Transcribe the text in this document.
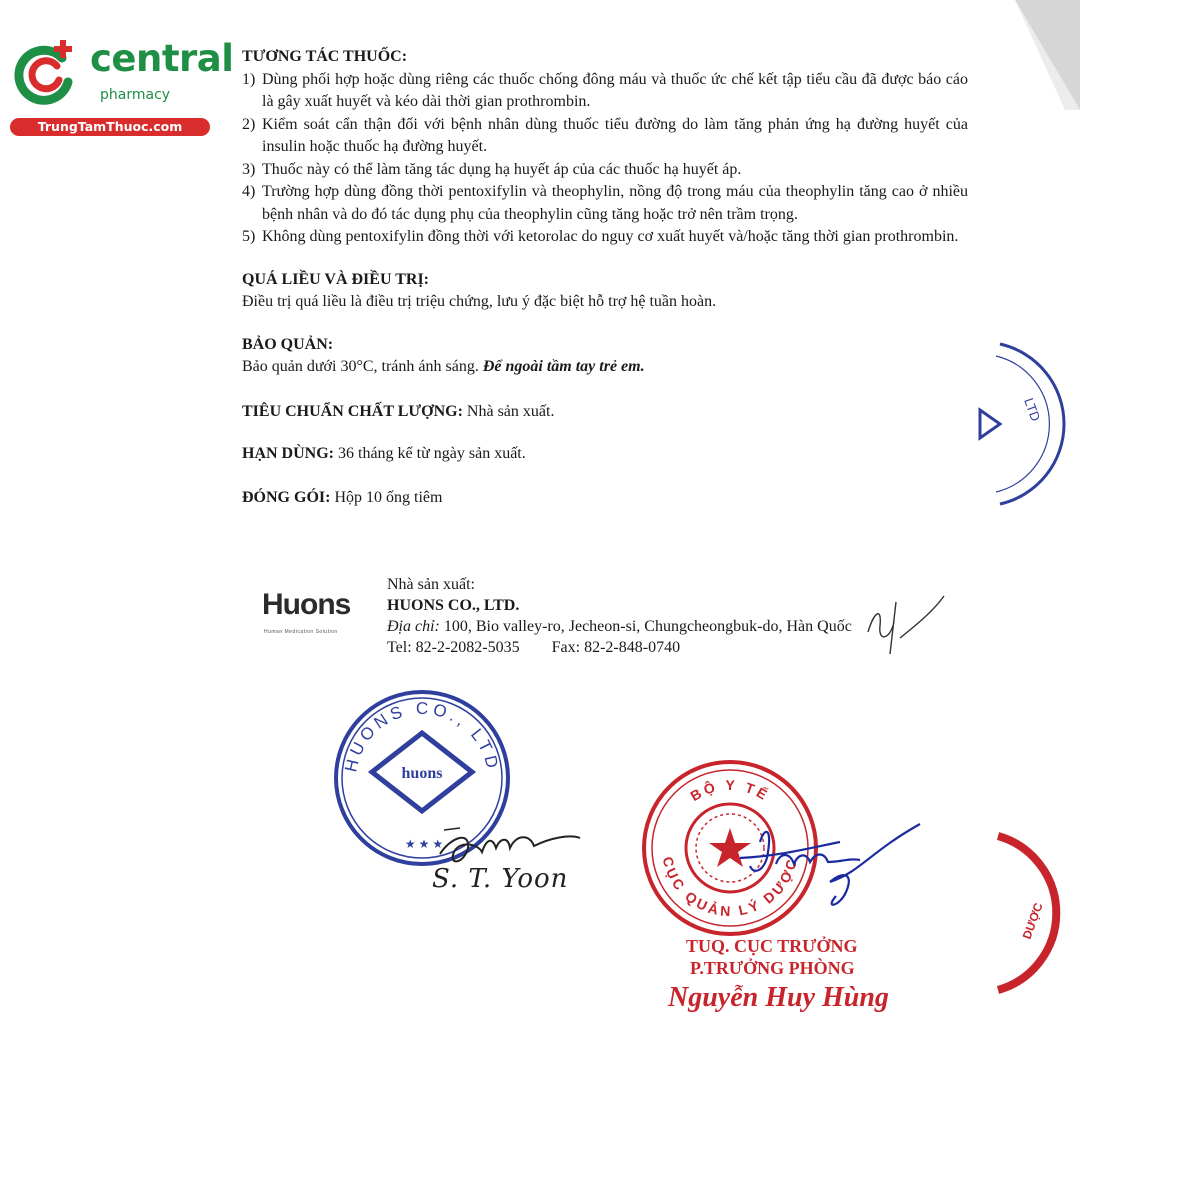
central
pharmacy
TrungTamThuoc.com
TƯƠNG TÁC THUỐC:
1) Dùng phối hợp hoặc dùng riêng các thuốc chống đông máu và thuốc ức chế kết tập tiểu cầu đã được báo cáo là gây xuất huyết và kéo dài thời gian prothrombin.
2) Kiểm soát cẩn thận đối với bệnh nhân dùng thuốc tiểu đường do làm tăng phản ứng hạ đường huyết của insulin hoặc thuốc hạ đường huyết.
3) Thuốc này có thể làm tăng tác dụng hạ huyết áp của các thuốc hạ huyết áp.
4) Trường hợp dùng đồng thời pentoxifylin và theophylin, nồng độ trong máu của theophylin tăng cao ở nhiều bệnh nhân và do đó tác dụng phụ của theophylin cũng tăng hoặc trở nên trầm trọng.
5) Không dùng pentoxifylin đồng thời với ketorolac do nguy cơ xuất huyết và/hoặc tăng thời gian prothrombin.
QUÁ LIỀU VÀ ĐIỀU TRỊ:
Điều trị quá liều là điều trị triệu chứng, lưu ý đặc biệt hỗ trợ hệ tuần hoàn.
BẢO QUẢN:
Bảo quản dưới 30°C, tránh ánh sáng. Để ngoài tầm tay trẻ em.
TIÊU CHUẨN CHẤT LƯỢNG: Nhà sản xuất.
HẠN DÙNG: 36 tháng kể từ ngày sản xuất.
ĐÓNG GÓI: Hộp 10 ống tiêm
Huons
Human Medication Solution
Nhà sản xuất:
HUONS CO., LTD.
Địa chỉ: 100, Bio valley-ro, Jecheon-si, Chungcheongbuk-do, Hàn Quốc
Tel: 82-2-2082-5035 Fax: 82-2-848-0740
HUONS CO., LTD
huons
★ ★ ★
S. T. Yoon
BỘ Y TẾ
CỤC QUẢN LÝ DƯỢC
TUQ. CỤC TRƯỞNG
P.TRƯỞNG PHÒNG
Nguyễn Huy Hùng
LTD
DƯỢC
